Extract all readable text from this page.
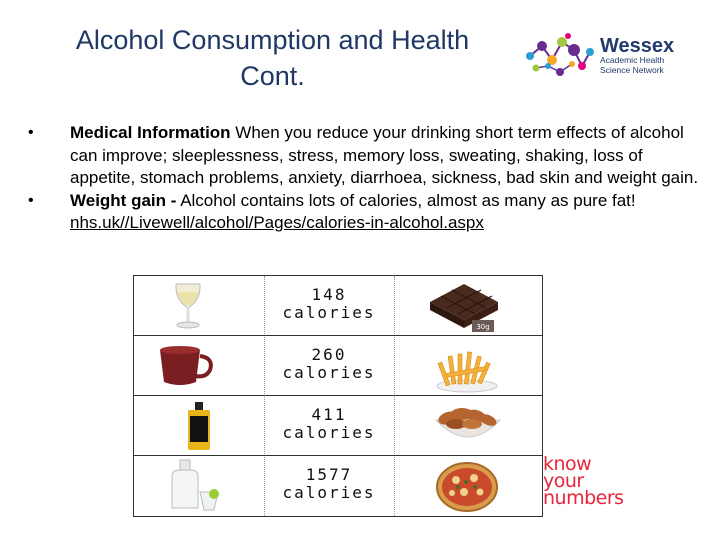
Alcohol Consumption and Health
Cont.
Wessex
Academic Health
Science Network
•	Medical Information When you reduce your drinking short term effects of alcohol can improve; sleeplessness, stress, memory loss, sweating, shaking, loss of appetite, stomach problems, anxiety, diarrhoea, sickness, bad skin and weight gain.
•	Weight gain - Alcohol contains lots of calories, almost as many as pure fat!
nhs.uk//Livewell/alcohol/Pages/calories-in-alcohol.aspx
148
calories
30g
260
calories
411
calories
1577
calories
know
your
numbers
